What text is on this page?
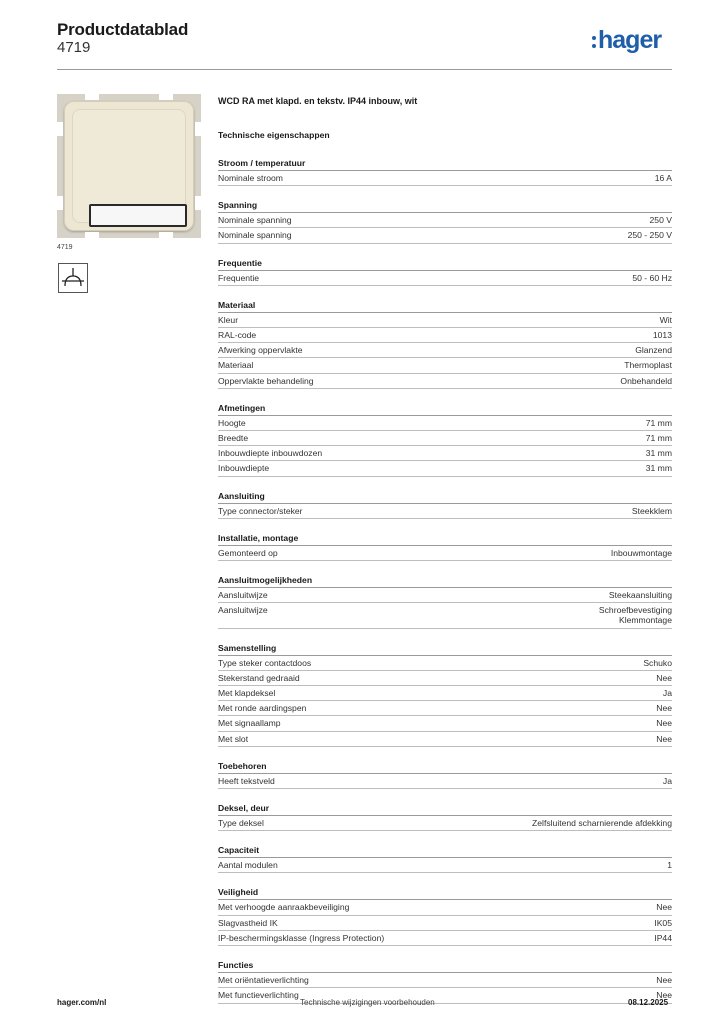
Productdatablad
4719	hager
4719
WCD RA met klapd. en tekstv. IP44 inbouw, wit
Technische eigenschappen
Stroom / temperatuur
Nominale stroom	16 A
Spanning
Nominale spanning	250 V
Nominale spanning	250 - 250 V
Frequentie
Frequentie	50 - 60 Hz
Materiaal
Kleur	Wit
RAL-code	1013
Afwerking oppervlakte	Glanzend
Materiaal	Thermoplast
Oppervlakte behandeling	Onbehandeld
Afmetingen
Hoogte	71 mm
Breedte	71 mm
Inbouwdiepte inbouwdozen	31 mm
Inbouwdiepte	31 mm
Aansluiting
Type connector/steker	Steekklem
Installatie, montage
Gemonteerd op	Inbouwmontage
Aansluitmogelijkheden
Aansluitwijze	Steekaansluiting
Aansluitwijze	Schroefbevestiging
Klemmontage
Samenstelling
Type steker contactdoos	Schuko
Stekerstand gedraaid	Nee
Met klapdeksel	Ja
Met ronde aardingspen	Nee
Met signaallamp	Nee
Met slot	Nee
Toebehoren
Heeft tekstveld	Ja
Deksel, deur
Type deksel	Zelfsluitend scharnierende afdekking
Capaciteit
Aantal modulen	1
Veiligheid
Met verhoogde aanraakbeveiliging	Nee
Slagvastheid IK	IK05
IP-beschermingsklasse (Ingress Protection)	IP44
Functies
Met oriëntatieverlichting	Nee
Met functieverlichting	Nee
hager.com/nl	Technische wijzigingen voorbehouden	08.12.2025
